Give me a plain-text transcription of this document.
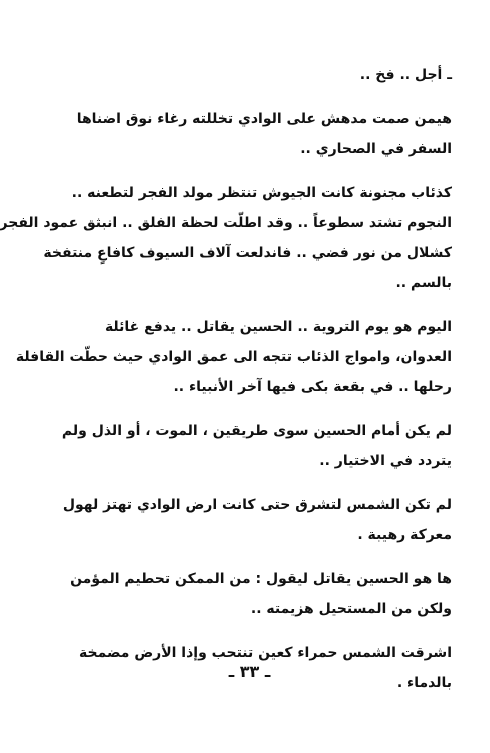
ـ أجل .. فخ ..

هيمن صمت مدهش على الوادي تخللته رغاء نوق اضناها
السفر في الصحاري ..

كذئاب مجنونة كانت الجيوش تنتظر مولد الفجر لتطعنه ..
النجوم تشتد سطوعاً .. وقد اطلّت لحظة الفلق .. انبثق عمود الفجر
كشلال من نور فضي .. فاندلعت آلاف السيوف كافاعٍ منتفخة
بالسم ..

اليوم هو يوم التروية .. الحسين يقاتل .. يدفع غائلة
العدوان، وامواج الذئاب تتجه الى عمق الوادي حيث حطّت القافلة
رحلها .. في بقعة بكى فيها آخر الأنبياء ..

لم يكن أمام الحسين سوى طريقين ، الموت ، أو الذل ولم
يتردد في الاختيار ..

لم تكن الشمس لتشرق حتى كانت ارض الوادي تهتز لهول
معركة رهيبة .

ها هو الحسين يقاتل ليقول : من الممكن تحطيم المؤمن
ولكن من المستحيل هزيمته ..

اشرقت الشمس حمراء كعين تنتحب وإذا الأرض مضمخة
بالدماء .

ـ ٣٣ ـ
